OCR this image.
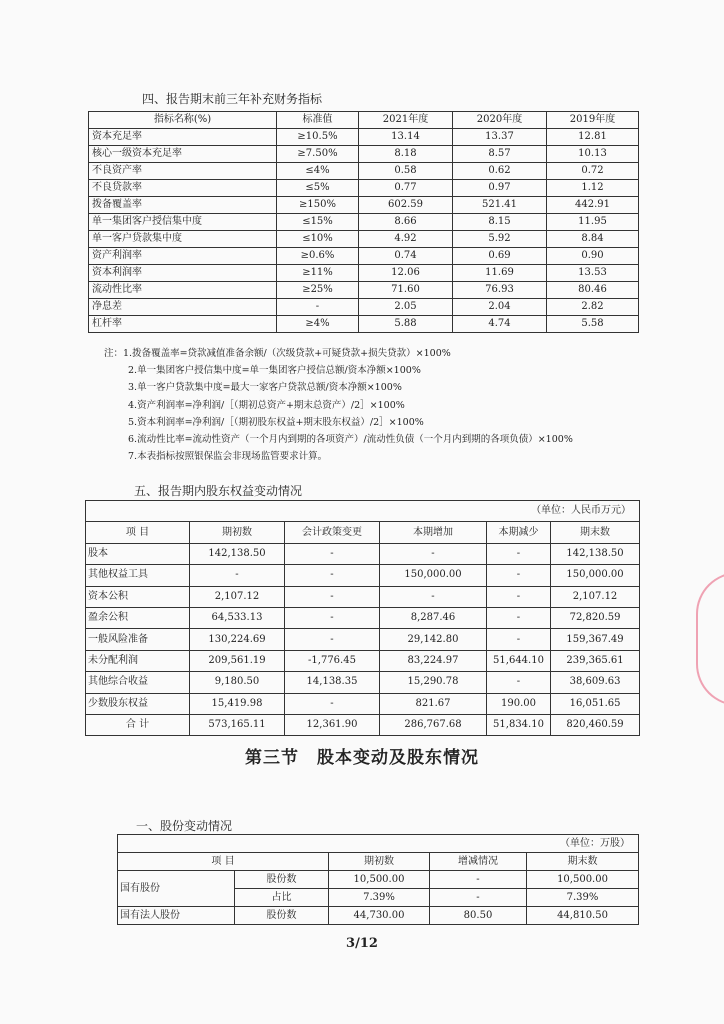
四、报告期末前三年补充财务指标
指标名称(%)	标准值	2021年度	2020年度	2019年度
资本充足率	≥10.5%	13.14	13.37	12.81
核心一级资本充足率	≥7.50%	8.18	8.57	10.13
不良资产率	≤4%	0.58	0.62	0.72
不良贷款率	≤5%	0.77	0.97	1.12
拨备覆盖率	≥150%	602.59	521.41	442.91
单一集团客户授信集中度	≤15%	8.66	8.15	11.95
单一客户贷款集中度	≤10%	4.92	5.92	8.84
资产利润率	≥0.6%	0.74	0.69	0.90
资本利润率	≥11%	12.06	11.69	13.53
流动性比率	≥25%	71.60	76.93	80.46
净息差	-	2.05	2.04	2.82
杠杆率	≥4%	5.88	4.74	5.58
注：1.拨备覆盖率=贷款减值准备余额/（次级贷款+可疑贷款+损失贷款）×100%
2.单一集团客户授信集中度=单一集团客户授信总额/资本净额×100%
3.单一客户贷款集中度=最大一家客户贷款总额/资本净额×100%
4.资产利润率=净利润/［（期初总资产+期末总资产）/2］×100%
5.资本利润率=净利润/［（期初股东权益+期末股东权益）/2］×100%
6.流动性比率=流动性资产（一个月内到期的各项资产）/流动性负债（一个月内到期的各项负债）×100%
7.本表指标按照银保监会非现场监管要求计算。
五、报告期内股东权益变动情况
（单位：人民币万元）					
项 目	期初数	会计政策变更	本期增加	本期减少	期末数
股本	142,138.50	-	-	-	142,138.50
其他权益工具	-	-	150,000.00	-	150,000.00
资本公积	2,107.12	-	-	-	2,107.12
盈余公积	64,533.13	-	8,287.46	-	72,820.59
一般风险准备	130,224.69	-	29,142.80	-	159,367.49
未分配利润	209,561.19	-1,776.45	83,224.97	51,644.10	239,365.61
其他综合收益	9,180.50	14,138.35	15,290.78	-	38,609.63
少数股东权益	15,419.98	-	821.67	190.00	16,051.65
合 计	573,165.11	12,361.90	286,767.68	51,834.10	820,460.59
第三节　股本变动及股东情况
一、股份变动情况
（单位：万股）				
项 目		期初数	增减情况	期末数
国有股份	股份数	10,500.00	-	10,500.00
	占比	7.39%	-	7.39%
国有法人股份	股份数	44,730.00	80.50	44,810.50
3/12
